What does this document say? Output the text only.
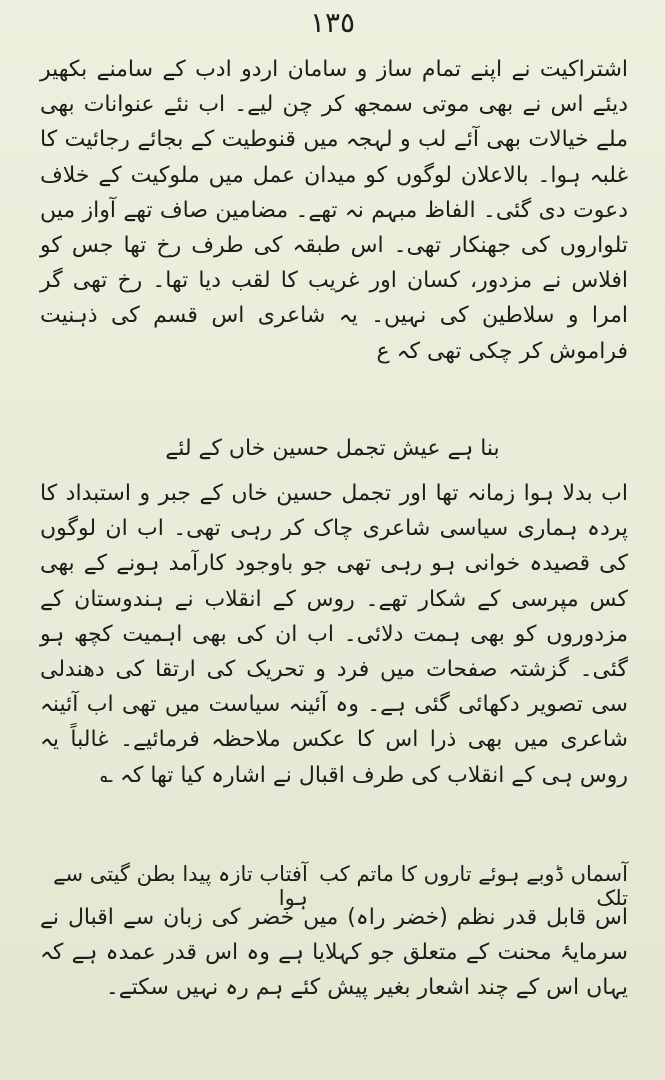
١٣٥

اشتراکیت نے اپنے تمام ساز و سامان اردو ادب کے سامنے بکھیر دیئے اس نے بھی موتی سمجھ کر چن لیے۔ اب نئے عنوانات بھی ملے خیالات بھی آئے لب و لہجہ میں قنوطیت کے بجائے رجائیت کا غلبہ ہوا۔ بالاعلان لوگوں کو میدان عمل میں ملوکیت کے خلاف دعوت دی گئی۔ الفاظ مبہم نہ تھے۔ مضامین صاف تھے آواز میں تلواروں کی جھنکار تھی۔ اس طبقہ کی طرف رخ تھا جس کو افلاس نے مزدور، کسان اور غریب کا لقب دیا تھا۔ رخ تھی گر امرا و سلاطین کی نہیں۔ یہ شاعری اس قسم کی ذہنیت فراموش کر چکی تھی کہ ع

بنا ہے عیش تجمل حسین خاں کے لئے

اب بدلا ہوا زمانہ تھا اور تجمل حسین خاں کے جبر و استبداد کا پردہ ہماری سیاسی شاعری چاک کر رہی تھی۔ اب ان لوگوں کی قصیدہ خوانی ہو رہی تھی جو باوجود کارآمد ہونے کے بھی کس مپرسی کے شکار تھے۔ روس کے انقلاب نے ہندوستان کے مزدوروں کو بھی ہمت دلائی۔ اب ان کی بھی اہمیت کچھ ہو گئی۔ گزشتہ صفحات میں فرد و تحریک کی ارتقا کی دھندلی سی تصویر دکھائی گئی ہے۔ وہ آئینہ سیاست میں تھی اب آئینہ شاعری میں بھی ذرا اس کا عکس ملاحظہ فرمائیے۔ غالباً یہ روس ہی کے انقلاب کی طرف اقبال نے اشارہ کیا تھا کہ ؎

آسماں ڈوبے ہوئے تاروں کا ماتم کب تلک
آفتاب تازہ پیدا بطن گیتی سے ہوا

اس قابل قدر نظم (خضر راہ) میں خضر کی زبان سے اقبال نے سرمایۂ محنت کے متعلق جو کہلایا ہے وہ اس قدر عمدہ ہے کہ یہاں اس کے چند اشعار بغیر پیش کئے ہم رہ نہیں سکتے۔
